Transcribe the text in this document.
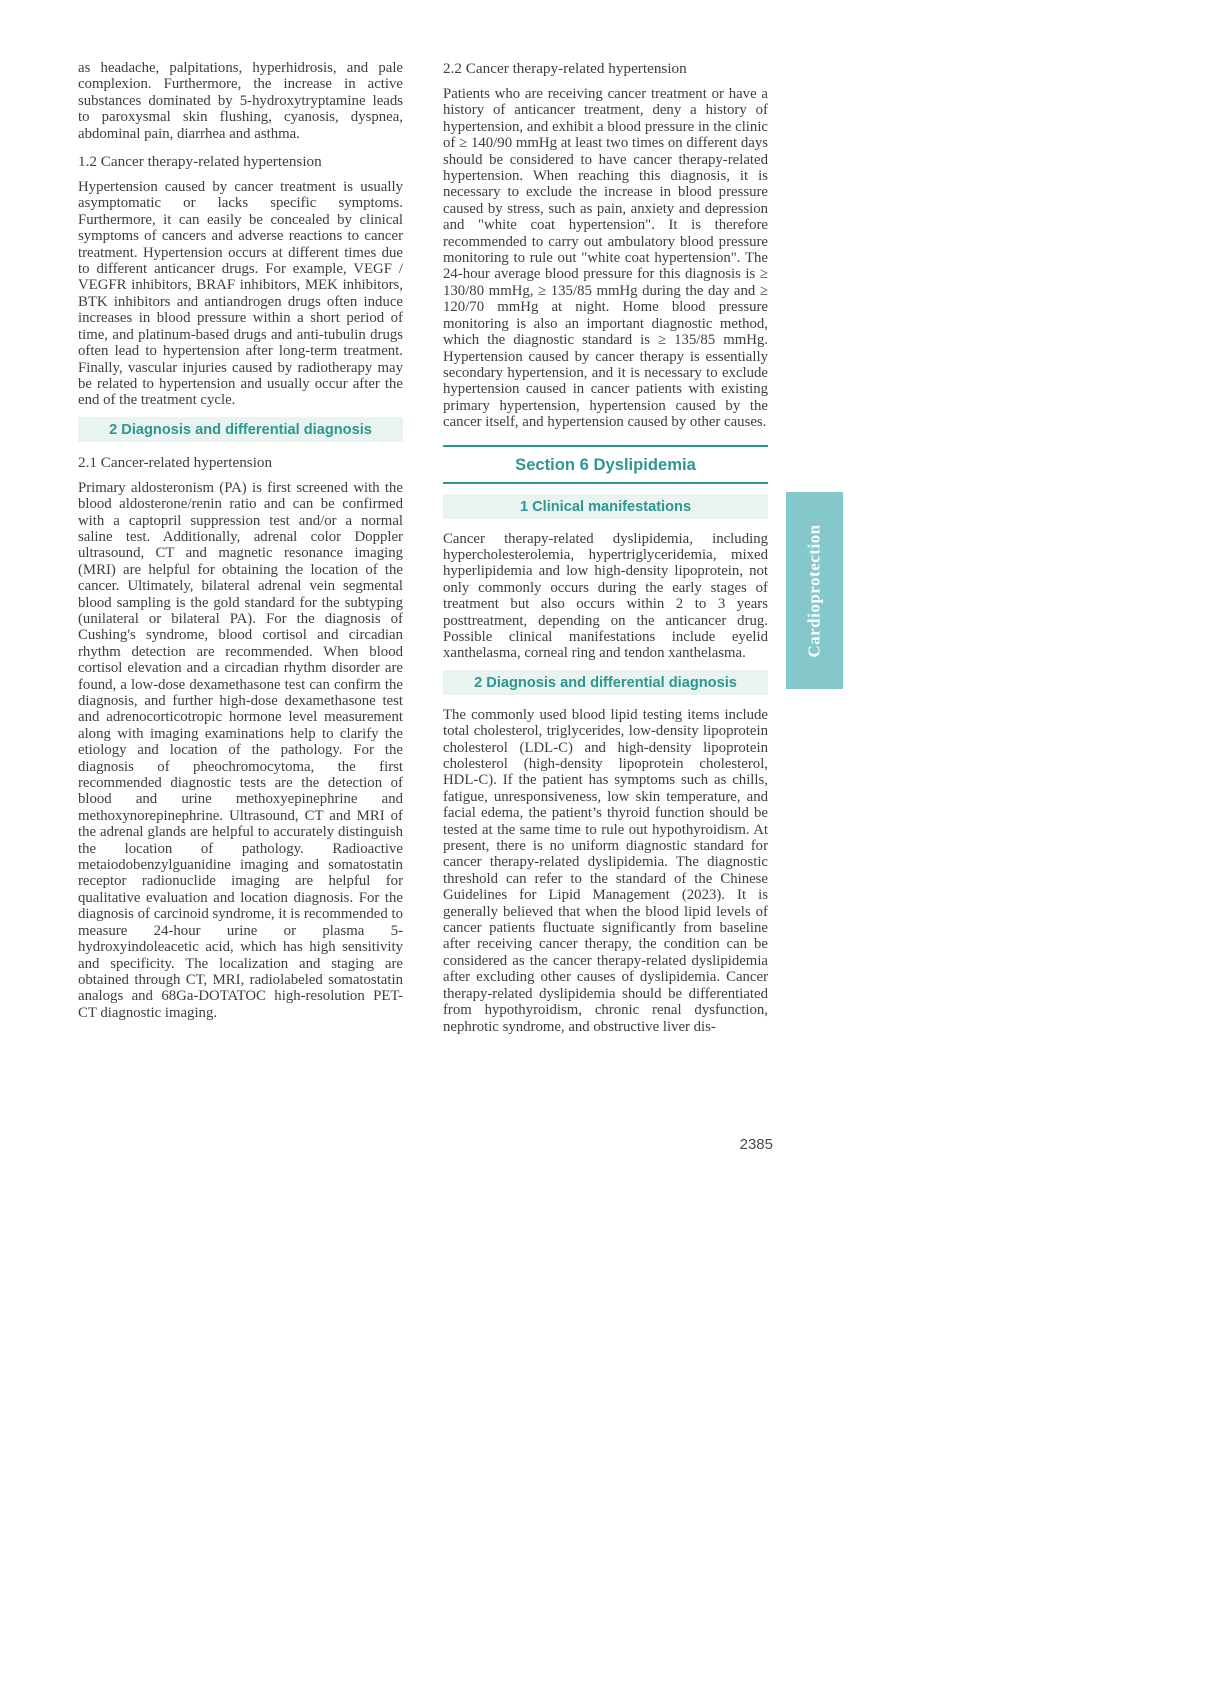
as headache, palpitations, hyperhidrosis, and pale complexion. Furthermore, the increase in active substances dominated by 5-hydroxytryptamine leads to paroxysmal skin flushing, cyanosis, dyspnea, abdominal pain, diarrhea and asthma.

1.2 Cancer therapy-related hypertension

Hypertension caused by cancer treatment is usually asymptomatic or lacks specific symptoms. Furthermore, it can easily be concealed by clinical symptoms of cancers and adverse reactions to cancer treatment. Hypertension occurs at different times due to different anticancer drugs. For example, VEGF / VEGFR inhibitors, BRAF inhibitors, MEK inhibitors, BTK inhibitors and antiandrogen drugs often induce increases in blood pressure within a short period of time, and platinum-based drugs and anti-tubulin drugs often lead to hypertension after long-term treatment. Finally, vascular injuries caused by radiotherapy may be related to hypertension and usually occur after the end of the treatment cycle.

2 Diagnosis and differential diagnosis
2.1 Cancer-related hypertension

Primary aldosteronism (PA) is first screened with the blood aldosterone/renin ratio and can be confirmed with a captopril suppression test and/or a normal saline test. Additionally, adrenal color Doppler ultrasound, CT and magnetic resonance imaging (MRI) are helpful for obtaining the location of the cancer. Ultimately, bilateral adrenal vein segmental blood sampling is the gold standard for the subtyping (unilateral or bilateral PA). For the diagnosis of Cushing's syndrome, blood cortisol and circadian rhythm detection are recommended. When blood cortisol elevation and a circadian rhythm disorder are found, a low-dose dexamethasone test can confirm the diagnosis, and further high-dose dexamethasone test and adrenocorticotropic hormone level measurement along with imaging examinations help to clarify the etiology and location of the pathology. For the diagnosis of pheochromocytoma, the first recommended diagnostic tests are the detection of blood and urine methoxyepinephrine and methoxynorepinephrine. Ultrasound, CT and MRI of the adrenal glands are helpful to accurately distinguish the location of pathology. Radioactive metaiodobenzylguanidine imaging and somatostatin receptor radionuclide imaging are helpful for qualitative evaluation and location diagnosis. For the diagnosis of carcinoid syndrome, it is recommended to measure 24-hour urine or plasma 5-hydroxyindoleacetic acid, which has high sensitivity and specificity. The localization and staging are obtained through CT, MRI, radiolabeled somatostatin analogs and 68Ga-DOTATOC high-resolution PET-CT diagnostic imaging.

2.2 Cancer therapy-related hypertension

Patients who are receiving cancer treatment or have a history of anticancer treatment, deny a history of hypertension, and exhibit a blood pressure in the clinic of ≥ 140/90 mmHg at least two times on different days should be considered to have cancer therapy-related hypertension. When reaching this diagnosis, it is necessary to exclude the increase in blood pressure caused by stress, such as pain, anxiety and depression and "white coat hypertension". It is therefore recommended to carry out ambulatory blood pressure monitoring to rule out "white coat hypertension". The 24-hour average blood pressure for this diagnosis is ≥ 130/80 mmHg, ≥ 135/85 mmHg during the day and ≥ 120/70 mmHg at night. Home blood pressure monitoring is also an important diagnostic method, which the diagnostic standard is ≥ 135/85 mmHg. Hypertension caused by cancer therapy is essentially secondary hypertension, and it is necessary to exclude hypertension caused in cancer patients with existing primary hypertension, hypertension caused by the cancer itself, and hypertension caused by other causes.

Section 6 Dyslipidemia
1 Clinical manifestations

Cancer therapy-related dyslipidemia, including hypercholesterolemia, hypertriglyceridemia, mixed hyperlipidemia and low high-density lipoprotein, not only commonly occurs during the early stages of treatment but also occurs within 2 to 3 years posttreatment, depending on the anticancer drug. Possible clinical manifestations include eyelid xanthelasma, corneal ring and tendon xanthelasma.

2 Diagnosis and differential diagnosis

The commonly used blood lipid testing items include total cholesterol, triglycerides, low-density lipoprotein cholesterol (LDL-C) and high-density lipoprotein cholesterol (high-density lipoprotein cholesterol, HDL-C). If the patient has symptoms such as chills, fatigue, unresponsiveness, low skin temperature, and facial edema, the patient’s thyroid function should be tested at the same time to rule out hypothyroidism. At present, there is no uniform diagnostic standard for cancer therapy-related dyslipidemia. The diagnostic threshold can refer to the standard of the Chinese Guidelines for Lipid Management (2023). It is generally believed that when the blood lipid levels of cancer patients fluctuate significantly from baseline after receiving cancer therapy, the condition can be considered as the cancer therapy-related dyslipidemia after excluding other causes of dyslipidemia. Cancer therapy-related dyslipidemia should be differentiated from hypothyroidism, chronic renal dysfunction, nephrotic syndrome, and obstructive liver dis-

Cardioprotection
2385
